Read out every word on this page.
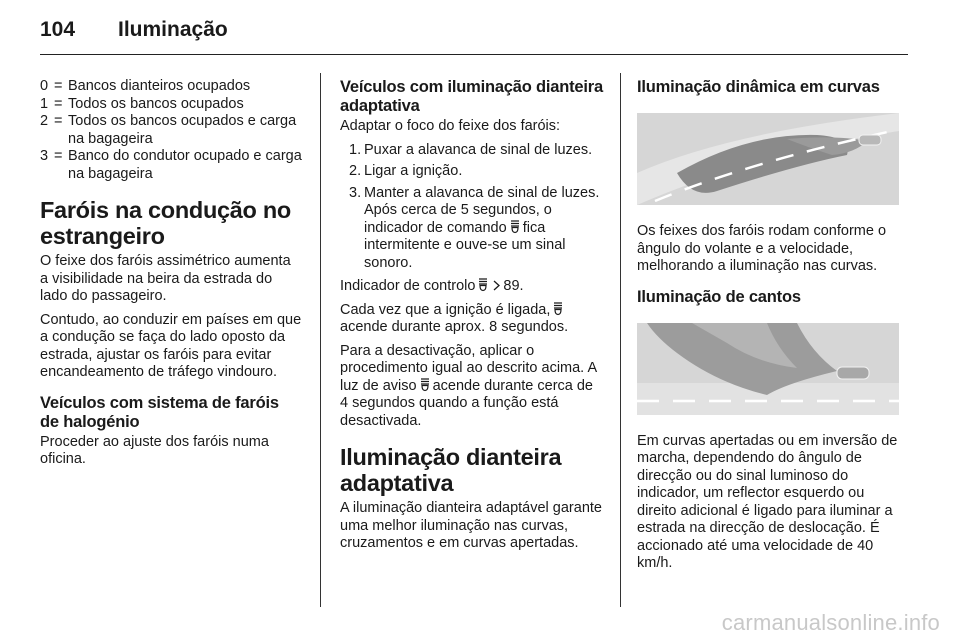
104 Iluminação
0 = Bancos dianteiros ocupados
1 = Todos os bancos ocupados
2 = Todos os bancos ocupados e carga na bagageira
3 = Banco do condutor ocupado e carga na bagageira
Faróis na condução no estrangeiro

O feixe dos faróis assimétrico aumenta a visibilidade na beira da estrada do lado do passageiro.

Contudo, ao conduzir em países em que a condução se faça do lado oposto da estrada, ajustar os faróis para evitar encandeamento de tráfego vindouro.

Veículos com sistema de faróis de halogénio

Proceder ao ajuste dos faróis numa oficina.

Veículos com iluminação dianteira adaptativa

Adaptar o foco do feixe dos faróis:

1. Puxar a alavanca de sinal de luzes.
2. Ligar a ignição.
3. Manter a alavanca de sinal de luzes. Após cerca de 5 segundos, o indicador de comando fica intermitente e ouve-se um sinal sonoro.

Indicador de controlo 89.

Cada vez que a ignição é ligada, acende durante aprox. 8 segundos.

Para a desactivação, aplicar o procedimento igual ao descrito acima. A luz de aviso acende durante cerca de 4 segundos quando a função está desactivada.

Iluminação dianteira adaptativa

A iluminação dianteira adaptável garante uma melhor iluminação nas curvas, cruzamentos e em curvas apertadas.

Iluminação dinâmica em curvas

Os feixes dos faróis rodam conforme o ângulo do volante e a velocidade, melhorando a iluminação nas curvas.

Iluminação de cantos

Em curvas apertadas ou em inversão de marcha, dependendo do ângulo de direcção ou do sinal luminoso do indicador, um reflector esquerdo ou direito adicional é ligado para iluminar a estrada na direcção de deslocação. É accionado até uma velocidade de 40 km/h.

carmanualsonline.info
